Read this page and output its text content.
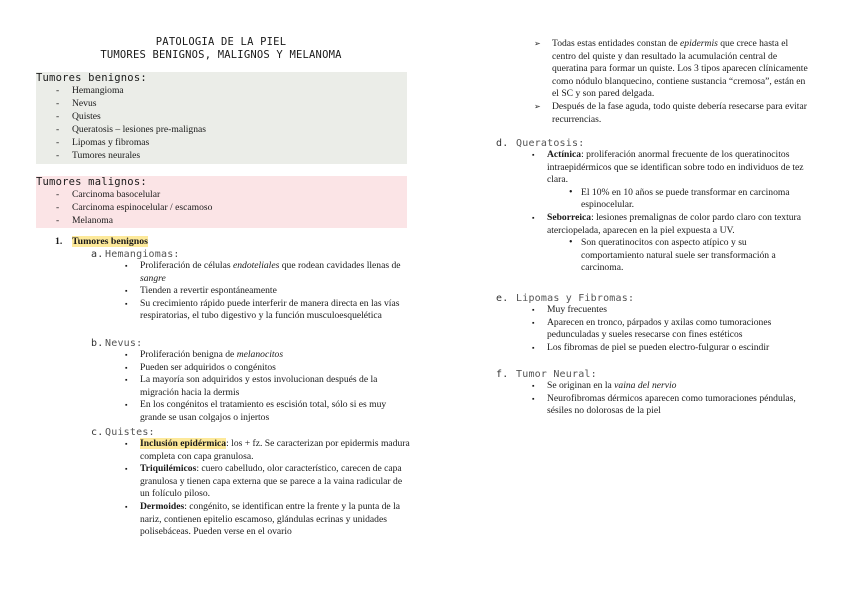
PATOLOGIA DE LA PIEL
TUMORES BENIGNOS, MALIGNOS Y MELANOMA
Tumores benignos:
- Hemangioma
- Nevus
- Quistes
- Queratosis – lesiones pre-malignas
- Lipomas y fibromas
- Tumores neurales
Tumores malignos:
- Carcinoma basocelular
- Carcinoma espinocelular / escamoso
- Melanoma
1. Tumores benignos
a. Hemangiomas:
▪ Proliferación de células endoteliales que rodean cavidades llenas de sangre
▪ Tienden a revertir espontáneamente
▪ Su crecimiento rápido puede interferir de manera directa en las vías respiratorias, el tubo digestivo y la función musculoesquelética
b. Nevus:
▪ Proliferación benigna de melanocitos
▪ Pueden ser adquiridos o congénitos
▪ La mayoría son adquiridos y estos involucionan después de la migración hacia la dermis
▪ En los congénitos el tratamiento es escisión total, sólo si es muy grande se usan colgajos o injertos
c. Quistes:
▪ Inclusión epidérmica: los + fz. Se caracterizan por epidermis madura completa con capa granulosa.
▪ Triquilémicos: cuero cabelludo, olor característico, carecen de capa granulosa y tienen capa externa que se parece a la vaina radicular de un folículo piloso.
▪ Dermoides: congénito, se identifican entre la frente y la punta de la nariz, contienen epitelio escamoso, glándulas ecrinas y unidades polisebáceas. Pueden verse en el ovario
➢ Todas estas entidades constan de epidermis que crece hasta el centro del quiste y dan resultado la acumulación central de queratina para formar un quiste. Los 3 tipos aparecen clínicamente como nódulo blanquecino, contiene sustancia “cremosa”, están en el SC y son pared delgada.
➢ Después de la fase aguda, todo quiste debería resecarse para evitar recurrencias.
d. Queratosis:
▪ Actínica: proliferación anormal frecuente de los queratinocitos intraepidérmicos que se identifican sobre todo en individuos de tez clara.
• El 10% en 10 años se puede transformar en carcinoma espinocelular.
▪ Seborreica: lesiones premalignas de color pardo claro con textura aterciopelada, aparecen en la piel expuesta a UV.
• Son queratinocitos con aspecto atípico y su comportamiento natural suele ser transformación a carcinoma.
e. Lipomas y Fibromas:
▪ Muy frecuentes
▪ Aparecen en tronco, párpados y axilas como tumoraciones pedunculadas y sueles resecarse con fines estéticos
▪ Los fibromas de piel se pueden electro-fulgurar o escindir
f. Tumor Neural:
▪ Se originan en la vaina del nervio
▪ Neurofibromas dérmicos aparecen como tumoraciones péndulas, sésiles no dolorosas de la piel
